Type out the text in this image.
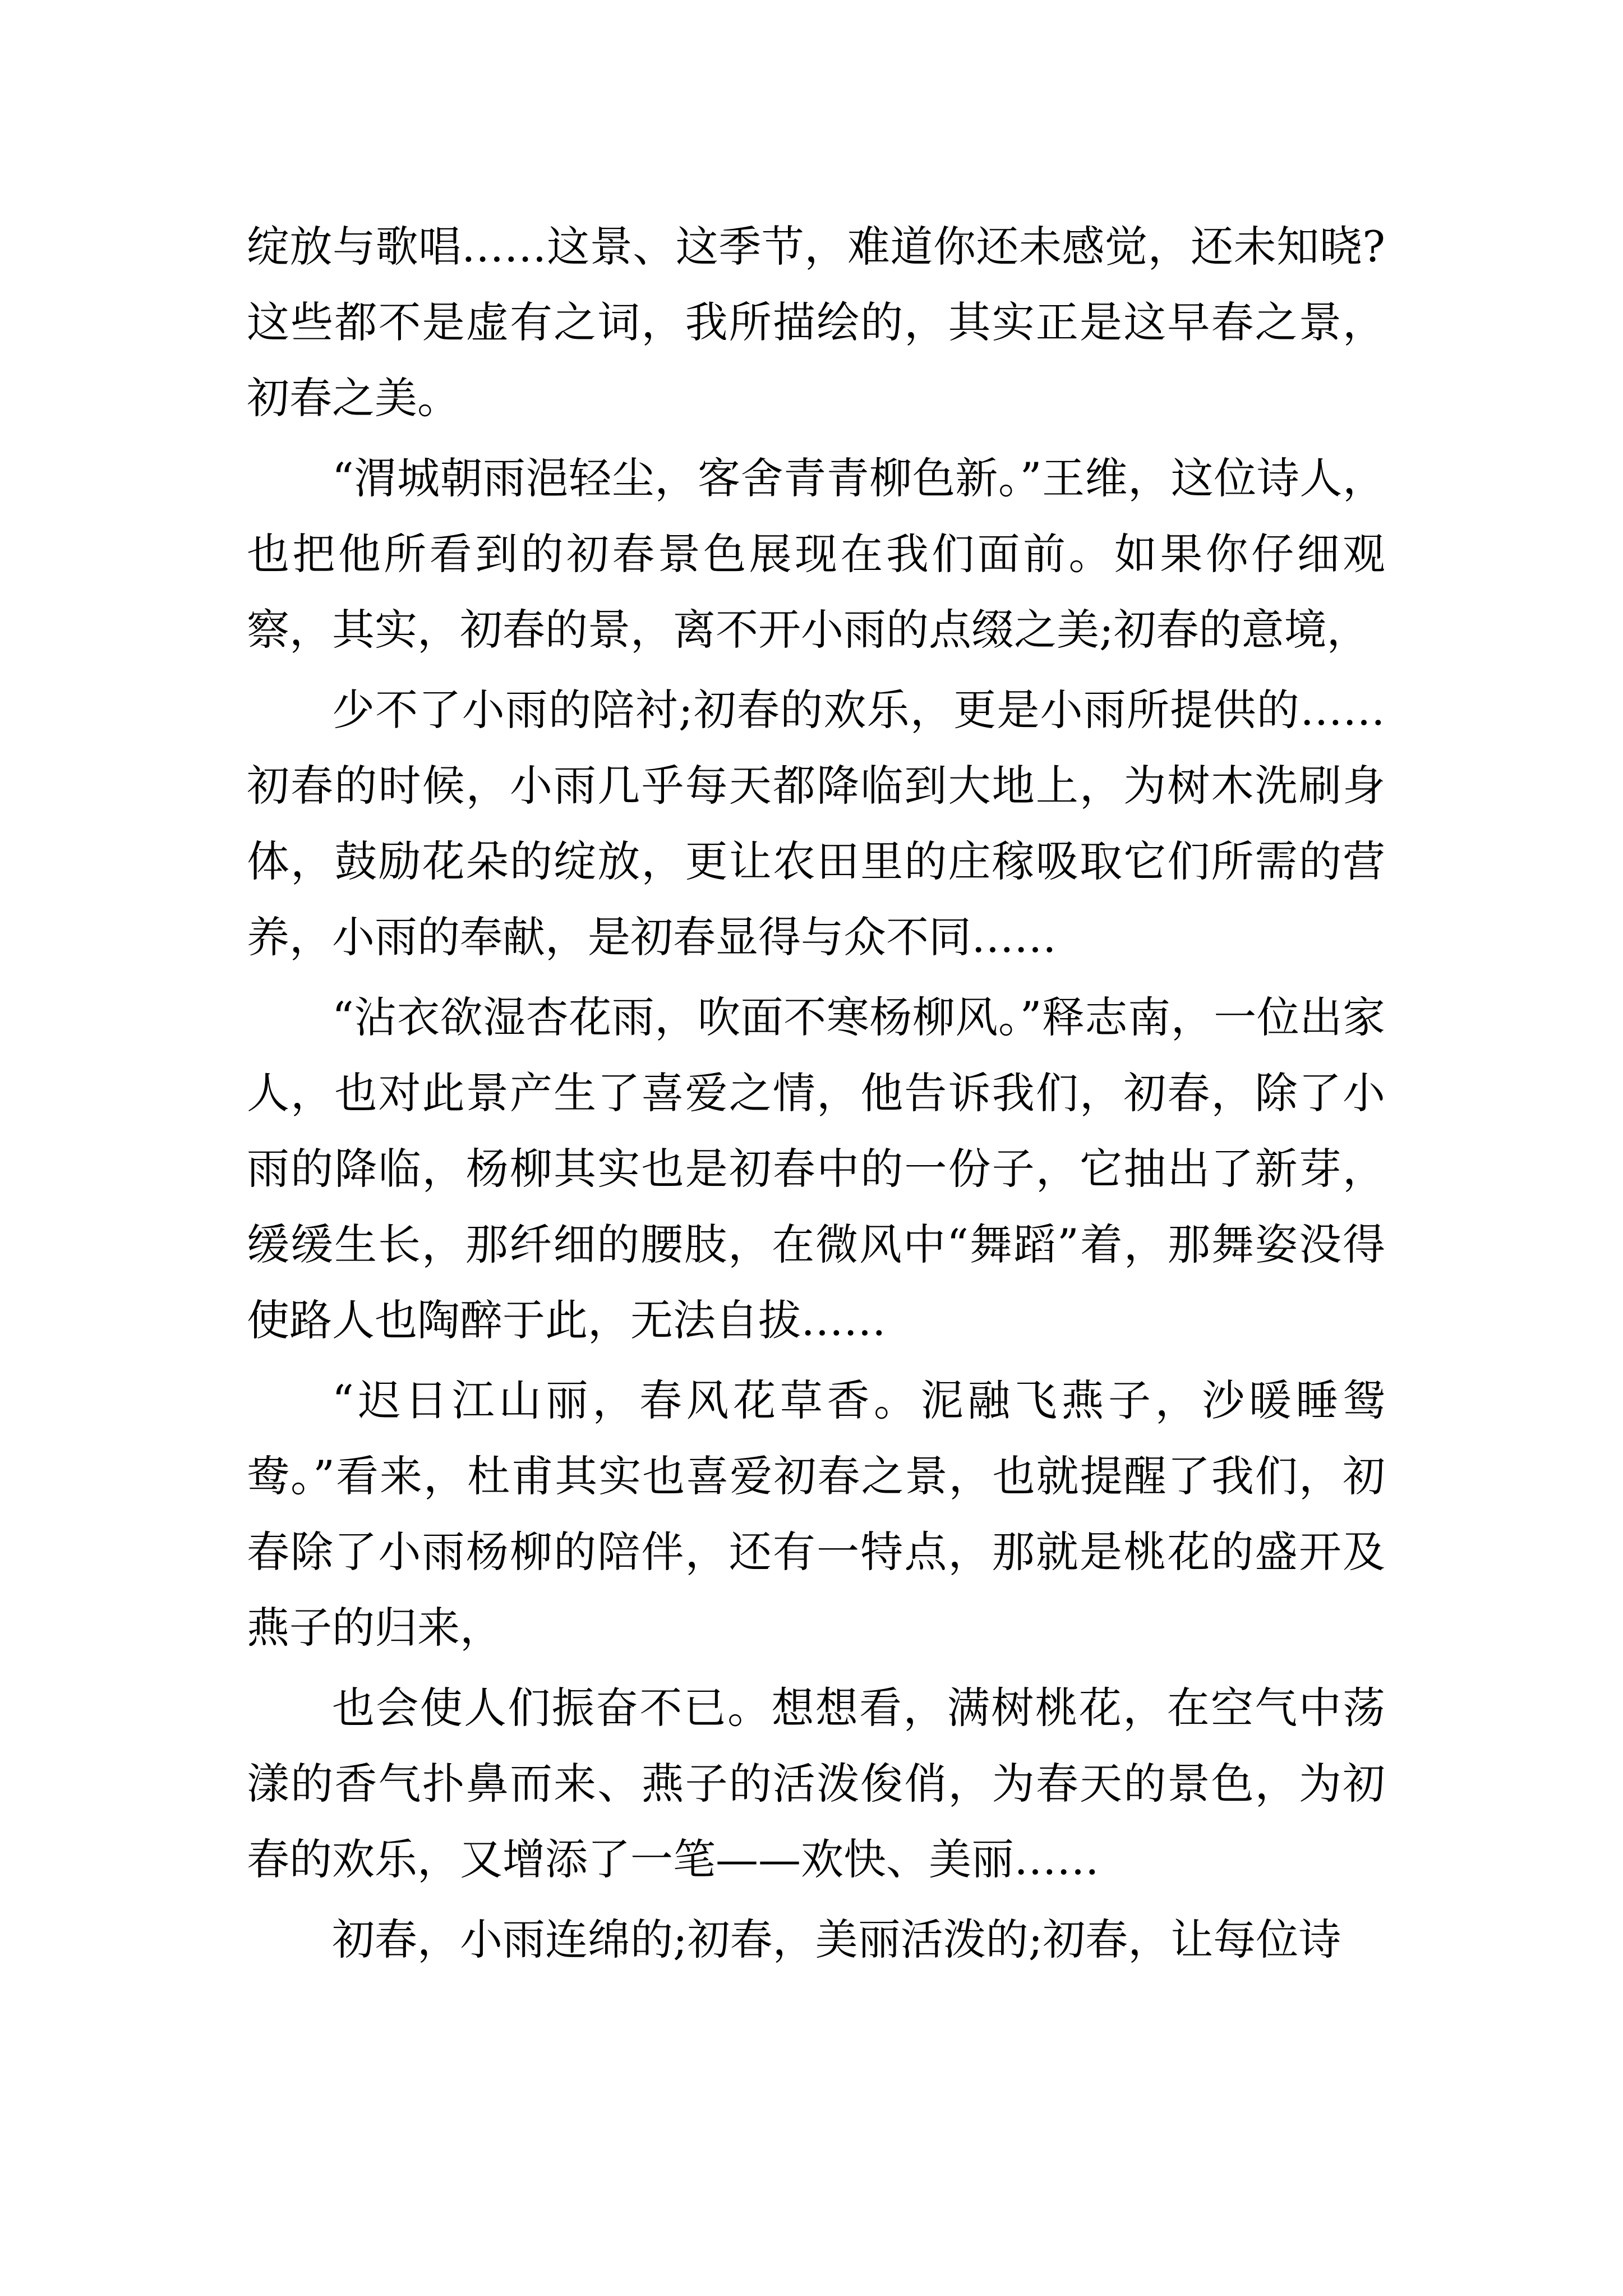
绽放与歌唱……这景、这季节，难道你还未感觉，还未知晓?这些都不是虚有之词，我所描绘的，其实正是这早春之景，初春之美。

“渭城朝雨浥轻尘，客舍青青柳色新。”王维，这位诗人，也把他所看到的初春景色展现在我们面前。如果你仔细观察，其实，初春的景，离不开小雨的点缀之美;初春的意境，

少不了小雨的陪衬;初春的欢乐，更是小雨所提供的……初春的时候，小雨几乎每天都降临到大地上，为树木洗刷身体，鼓励花朵的绽放，更让农田里的庄稼吸取它们所需的营养，小雨的奉献，是初春显得与众不同……

“沾衣欲湿杏花雨，吹面不寒杨柳风。”释志南，一位出家人，也对此景产生了喜爱之情，他告诉我们，初春，除了小雨的降临，杨柳其实也是初春中的一份子，它抽出了新芽，缓缓生长，那纤细的腰肢，在微风中“舞蹈”着，那舞姿没得使路人也陶醉于此，无法自拔……

“迟日江山丽，春风花草香。泥融飞燕子，沙暖睡鸳鸯。”看来，杜甫其实也喜爱初春之景，也就提醒了我们，初春除了小雨杨柳的陪伴，还有一特点，那就是桃花的盛开及燕子的归来，

也会使人们振奋不已。想想看，满树桃花，在空气中荡漾的香气扑鼻而来、燕子的活泼俊俏，为春天的景色，为初春的欢乐，又增添了一笔——欢快、美丽……

初春，小雨连绵的;初春，美丽活泼的;初春，让每位诗
